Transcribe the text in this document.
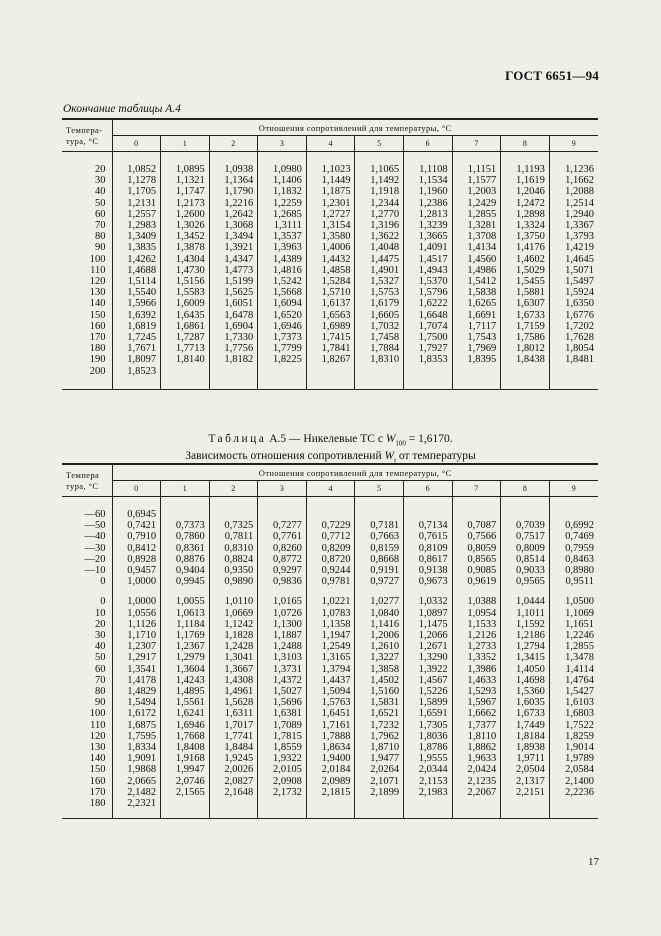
ГОСТ 6651—94
Окончание таблицы А.4
Темпера-
тура, °С	Отношения сопротивлений для температуры, °С									
	0	1	2	3	4	5	6	7	8	9

20	1,0852	1,0895	1,0938	1,0980	1,1023	1,1065	1,1108	1,1151	1,1193	1,1236
30	1,1278	1,1321	1,1364	1,1406	1,1449	1,1492	1,1534	1,1577	1,1619	1,1662
40	1,1705	1,1747	1,1790	1,1832	1,1875	1,1918	1,1960	1,2003	1,2046	1,2088
50	1,2131	1,2173	1,2216	1,2259	1,2301	1,2344	1,2386	1,2429	1,2472	1,2514
60	1,2557	1,2600	1,2642	1,2685	1,2727	1,2770	1,2813	1,2855	1,2898	1,2940
70	1,2983	1,3026	1,3068	1,3111	1,3154	1,3196	1,3239	1,3281	1,3324	1,3367
80	1,3409	1,3452	1,3494	1,3537	1,3580	1,3622	1,3665	1,3708	1,3750	1,3793
90	1,3835	1,3878	1,3921	1,3963	1,4006	1,4048	1,4091	1,4134	1,4176	1,4219
100	1,4262	1,4304	1,4347	1,4389	1,4432	1,4475	1,4517	1,4560	1,4602	1,4645
110	1,4688	1,4730	1,4773	1,4816	1,4858	1,4901	1,4943	1,4986	1,5029	1,5071
120	1,5114	1,5156	1,5199	1,5242	1,5284	1,5327	1,5370	1,5412	1,5455	1,5497
130	1,5540	1,5583	1,5625	1,5668	1,5710	1,5753	1,5796	1,5838	1,5881	1,5924
140	1,5966	1,6009	1,6051	1,6094	1,6137	1,6179	1,6222	1,6265	1,6307	1,6350
150	1,6392	1,6435	1,6478	1,6520	1,6563	1,6605	1,6648	1,6691	1,6733	1,6776
160	1,6819	1,6861	1,6904	1,6946	1,6989	1,7032	1,7074	1,7117	1,7159	1,7202
170	1,7245	1,7287	1,7330	1,7373	1,7415	1,7458	1,7500	1,7543	1,7586	1,7628
180	1,7671	1,7713	1,7756	1,7799	1,7841	1,7884	1,7927	1,7969	1,8012	1,8054
190	1,8097	1,8140	1,8182	1,8225	1,8267	1,8310	1,8353	1,8395	1,8438	1,8481
200	1,8523									

Таблица А.5 — Никелевые ТС с $W_{100} = 1,6170$.
Зависимость отношения сопротивлений $W_t$ от температуры
Темпера
тура, °С	Отношения сопротивлений для температуры, °С									
	0	1	2	3	4	5	6	7	8	9

—60	0,6945									
—50	0,7421	0,7373	0,7325	0,7277	0,7229	0,7181	0,7134	0,7087	0,7039	0,6992
—40	0,7910	0,7860	0,7811	0,7761	0,7712	0,7663	0,7615	0,7566	0,7517	0,7469
—30	0,8412	0,8361	0,8310	0,8260	0,8209	0,8159	0,8109	0,8059	0,8009	0,7959
—20	0,8928	0,8876	0,8824	0,8772	0,8720	0,8668	0,8617	0,8565	0,8514	0,8463
—10	0,9457	0,9404	0,9350	0,9297	0,9244	0,9191	0,9138	0,9085	0,9033	0,8980
0	1,0000	0,9945	0,9890	0,9836	0,9781	0,9727	0,9673	0,9619	0,9565	0,9511

0	1,0000	1,0055	1,0110	1,0165	1,0221	1,0277	1,0332	1,0388	1,0444	1,0500
10	1,0556	1,0613	1,0669	1,0726	1,0783	1,0840	1,0897	1,0954	1,1011	1,1069
20	1,1126	1,1184	1,1242	1,1300	1,1358	1,1416	1,1475	1,1533	1,1592	1,1651
30	1,1710	1,1769	1,1828	1,1887	1,1947	1,2006	1,2066	1,2126	1,2186	1,2246
40	1,2307	1,2367	1,2428	1,2488	1,2549	1,2610	1,2671	1,2733	1,2794	1,2855
50	1,2917	1,2979	1,3041	1,3103	1,3165	1,3227	1,3290	1,3352	1,3415	1,3478
60	1,3541	1,3604	1,3667	1,3731	1,3794	1,3858	1,3922	1,3986	1,4050	1,4114
70	1,4178	1,4243	1,4308	1,4372	1,4437	1,4502	1,4567	1,4633	1,4698	1,4764
80	1,4829	1,4895	1,4961	1,5027	1,5094	1,5160	1,5226	1,5293	1,5360	1,5427
90	1,5494	1,5561	1,5628	1,5696	1,5763	1,5831	1,5899	1,5967	1,6035	1,6103
100	1,6172	1,6241	1,6311	1,6381	1,6451	1,6521	1,6591	1,6662	1,6733	1,6803
110	1,6875	1,6946	1,7017	1,7089	1,7161	1,7232	1,7305	1,7377	1,7449	1,7522
120	1,7595	1,7668	1,7741	1,7815	1,7888	1,7962	1,8036	1,8110	1,8184	1,8259
130	1,8334	1,8408	1,8484	1,8559	1,8634	1,8710	1,8786	1,8862	1,8938	1,9014
140	1,9091	1,9168	1,9245	1,9322	1,9400	1,9477	1,9555	1,9633	1,9711	1,9789
150	1,9868	1,9947	2,0026	2,0105	2,0184	2,0264	2,0344	2,0424	2,0504	2,0584
160	2,0665	2,0746	2,0827	2,0908	2,0989	2,1071	2,1153	2,1235	2,1317	2,1400
170	2,1482	2,1565	2,1648	2,1732	2,1815	2,1899	2,1983	2,2067	2,2151	2,2236
180	2,2321									

17
